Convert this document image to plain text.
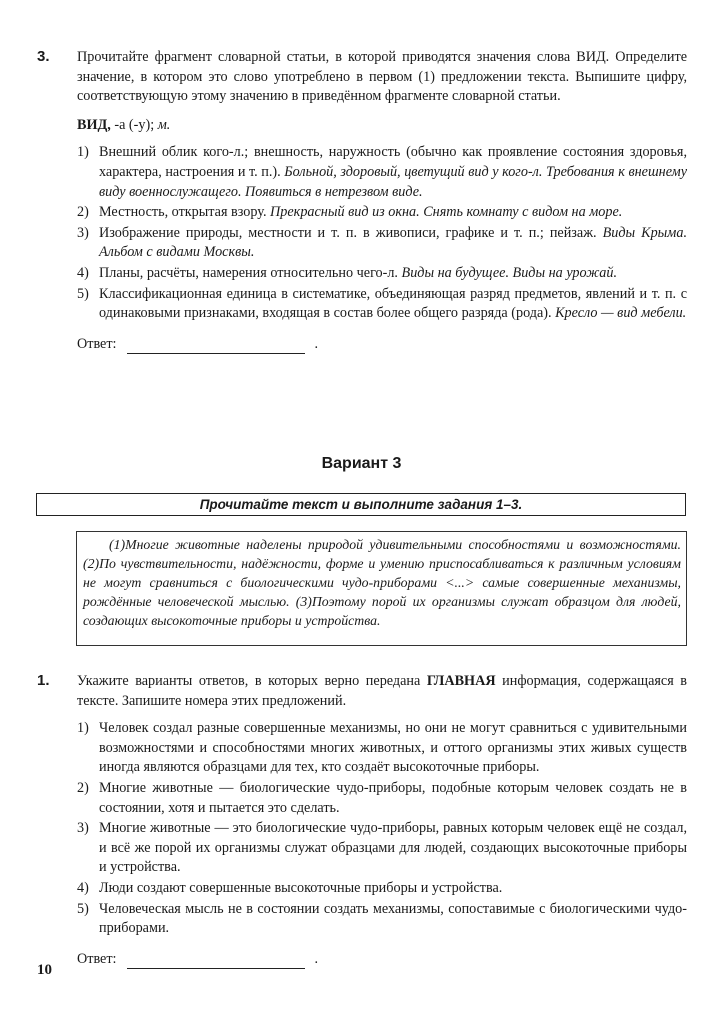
3. Прочитайте фрагмент словарной статьи, в которой приводятся значения слова ВИД. Определите значение, в котором это слово употреблено в первом (1) предложении текста. Выпишите цифру, соответствующую этому значению в приведённом фрагменте словарной статьи.

ВИД, -а (-у); м.

1) Внешний облик кого-л.; внешность, наружность (обычно как проявление состояния здоровья, характера, настроения и т. п.). Больной, здоровый, цветущий вид у кого-л. Требования к внешнему виду военнослужащего. Появиться в нетрезвом виде.
2) Местность, открытая взору. Прекрасный вид из окна. Снять комнату с видом на море.
3) Изображение природы, местности и т. п. в живописи, графике и т. п.; пейзаж. Виды Крыма. Альбом с видами Москвы.
4) Планы, расчёты, намерения относительно чего-л. Виды на будущее. Виды на урожай.
5) Классификационная единица в систематике, объединяющая разряд предметов, явлений и т. п. с одинаковыми признаками, входящая в состав более общего разряда (рода). Кресло — вид мебели.
Ответ:	.
Вариант 3
Прочитайте текст и выполните задания 1–3.
(1)Многие животные наделены природой удивительными способностями и возможностями. (2)По чувствительности, надёжности, форме и умению приспосабливаться к различным условиям не могут сравниться с биологическими чудо-приборами <...> самые совершенные механизмы, рождённые человеческой мыслью. (3)Поэтому порой их организмы служат образцом для людей, создающих высокоточные приборы и устройства.
1. Укажите варианты ответов, в которых верно передана ГЛАВНАЯ информация, содержащаяся в тексте. Запишите номера этих предложений.

1) Человек создал разные совершенные механизмы, но они не могут сравниться с удивительными возможностями и способностями многих животных, и оттого организмы этих живых существ иногда являются образцами для тех, кто создаёт высокоточные приборы.
2) Многие животные — биологические чудо-приборы, подобные которым человек создать не в состоянии, хотя и пытается это сделать.
3) Многие животные — это биологические чудо-приборы, равных которым человек ещё не создал, и всё же порой их организмы служат образцами для людей, создающих высокоточные приборы и устройства.
4) Люди создают совершенные высокоточные приборы и устройства.
5) Человеческая мысль не в состоянии создать механизмы, сопоставимые с биологическими чудо-приборами.
Ответ:	.
10
